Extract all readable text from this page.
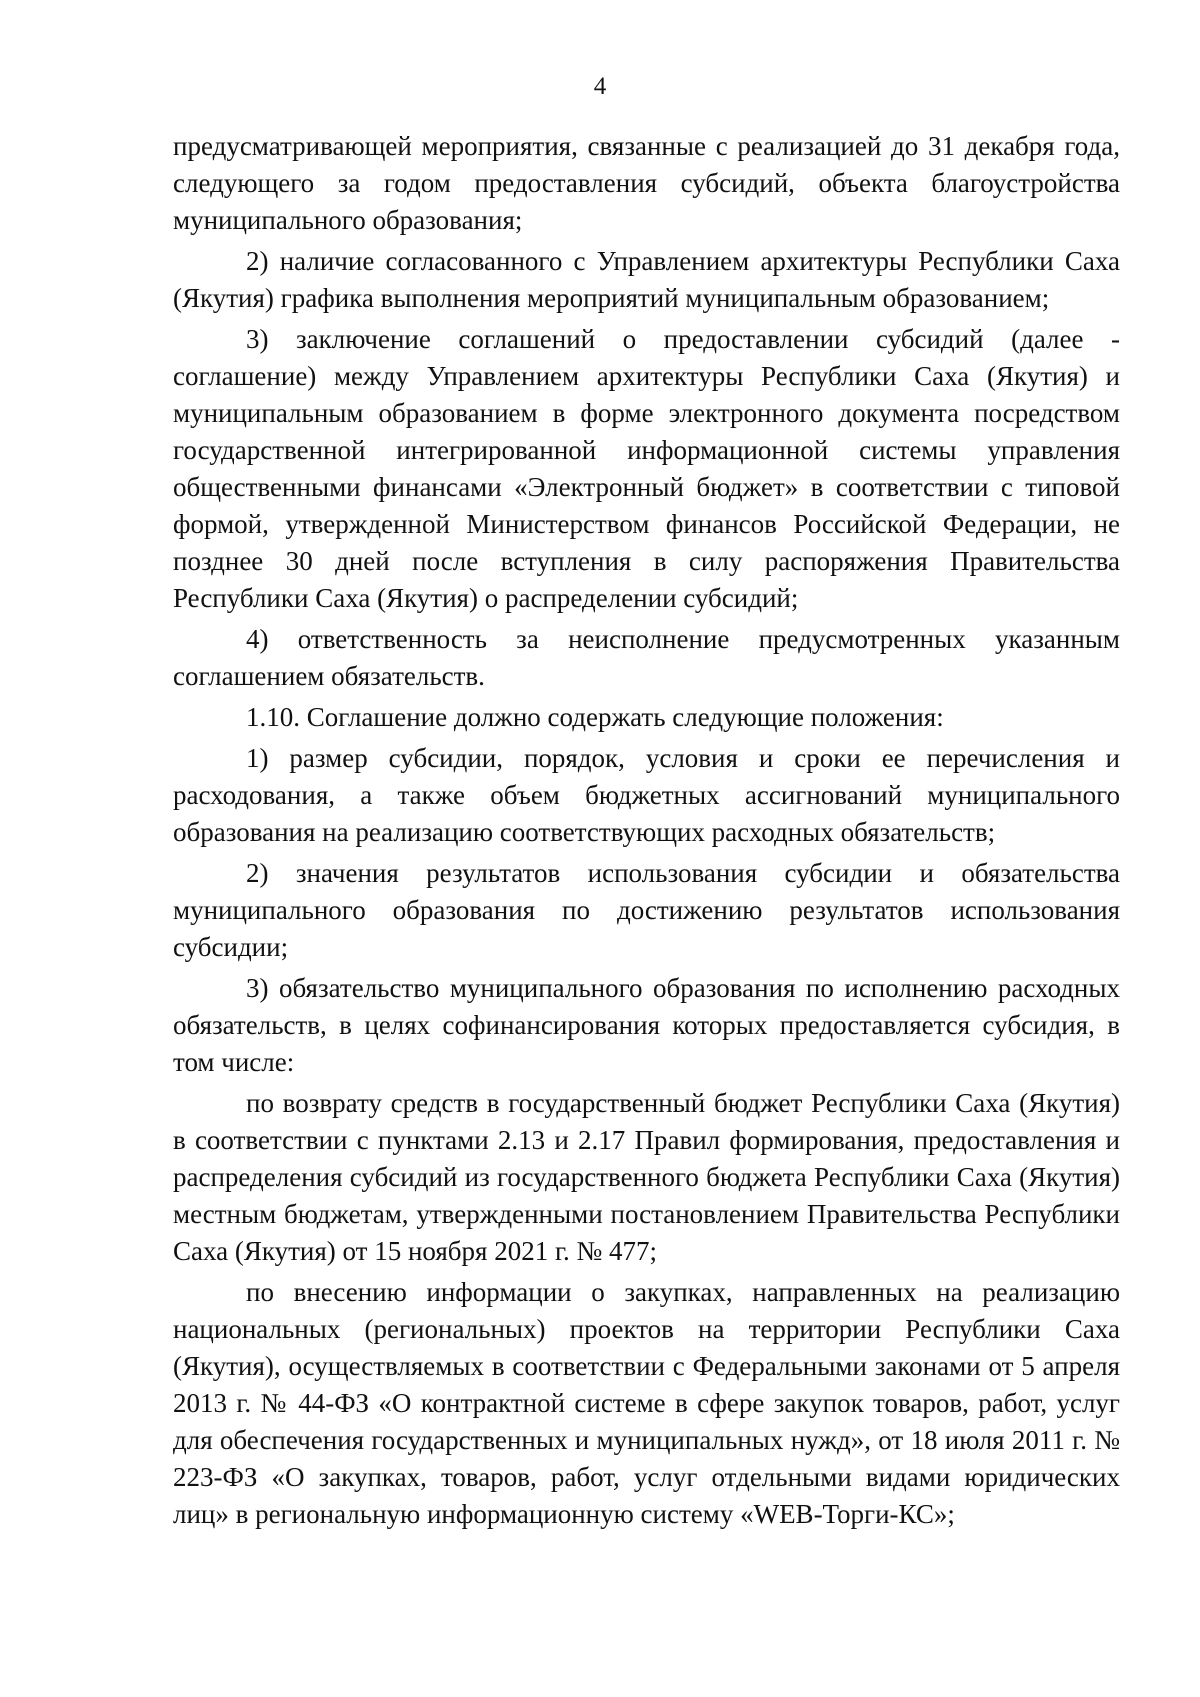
4

предусматривающей мероприятия, связанные с реализацией до 31 декабря года, следующего за годом предоставления субсидий, объекта благоустройства муниципального образования;

2) наличие согласованного с Управлением архитектуры Республики Саха (Якутия) графика выполнения мероприятий муниципальным образованием;

3) заключение соглашений о предоставлении субсидий (далее - соглашение) между Управлением архитектуры Республики Саха (Якутия) и муниципальным образованием в форме электронного документа посредством государственной интегрированной информационной системы управления общественными финансами «Электронный бюджет» в соответствии с типовой формой, утвержденной Министерством финансов Российской Федерации, не позднее 30 дней после вступления в силу распоряжения Правительства Республики Саха (Якутия) о распределении субсидий;

4) ответственность за неисполнение предусмотренных указанным соглашением обязательств.

1.10. Соглашение должно содержать следующие положения:

1) размер субсидии, порядок, условия и сроки ее перечисления и расходования, а также объем бюджетных ассигнований муниципального образования на реализацию соответствующих расходных обязательств;

2) значения результатов использования субсидии и обязательства муниципального образования по достижению результатов использования субсидии;

3) обязательство муниципального образования по исполнению расходных обязательств, в целях софинансирования которых предоставляется субсидия, в том числе:

по возврату средств в государственный бюджет Республики Саха (Якутия) в соответствии с пунктами 2.13 и 2.17 Правил формирования, предоставления и распределения субсидий из государственного бюджета Республики Саха (Якутия) местным бюджетам, утвержденными постановлением Правительства Республики Саха (Якутия) от 15 ноября 2021 г. № 477;

по внесению информации о закупках, направленных на реализацию национальных (региональных) проектов на территории Республики Саха (Якутия), осуществляемых в соответствии с Федеральными законами от 5 апреля 2013 г. № 44-ФЗ «О контрактной системе в сфере закупок товаров, работ, услуг для обеспечения государственных и муниципальных нужд», от 18 июля 2011 г. № 223-ФЗ «О закупках, товаров, работ, услуг отдельными видами юридических лиц» в региональную информационную систему «WEB-Торги-КС»;
